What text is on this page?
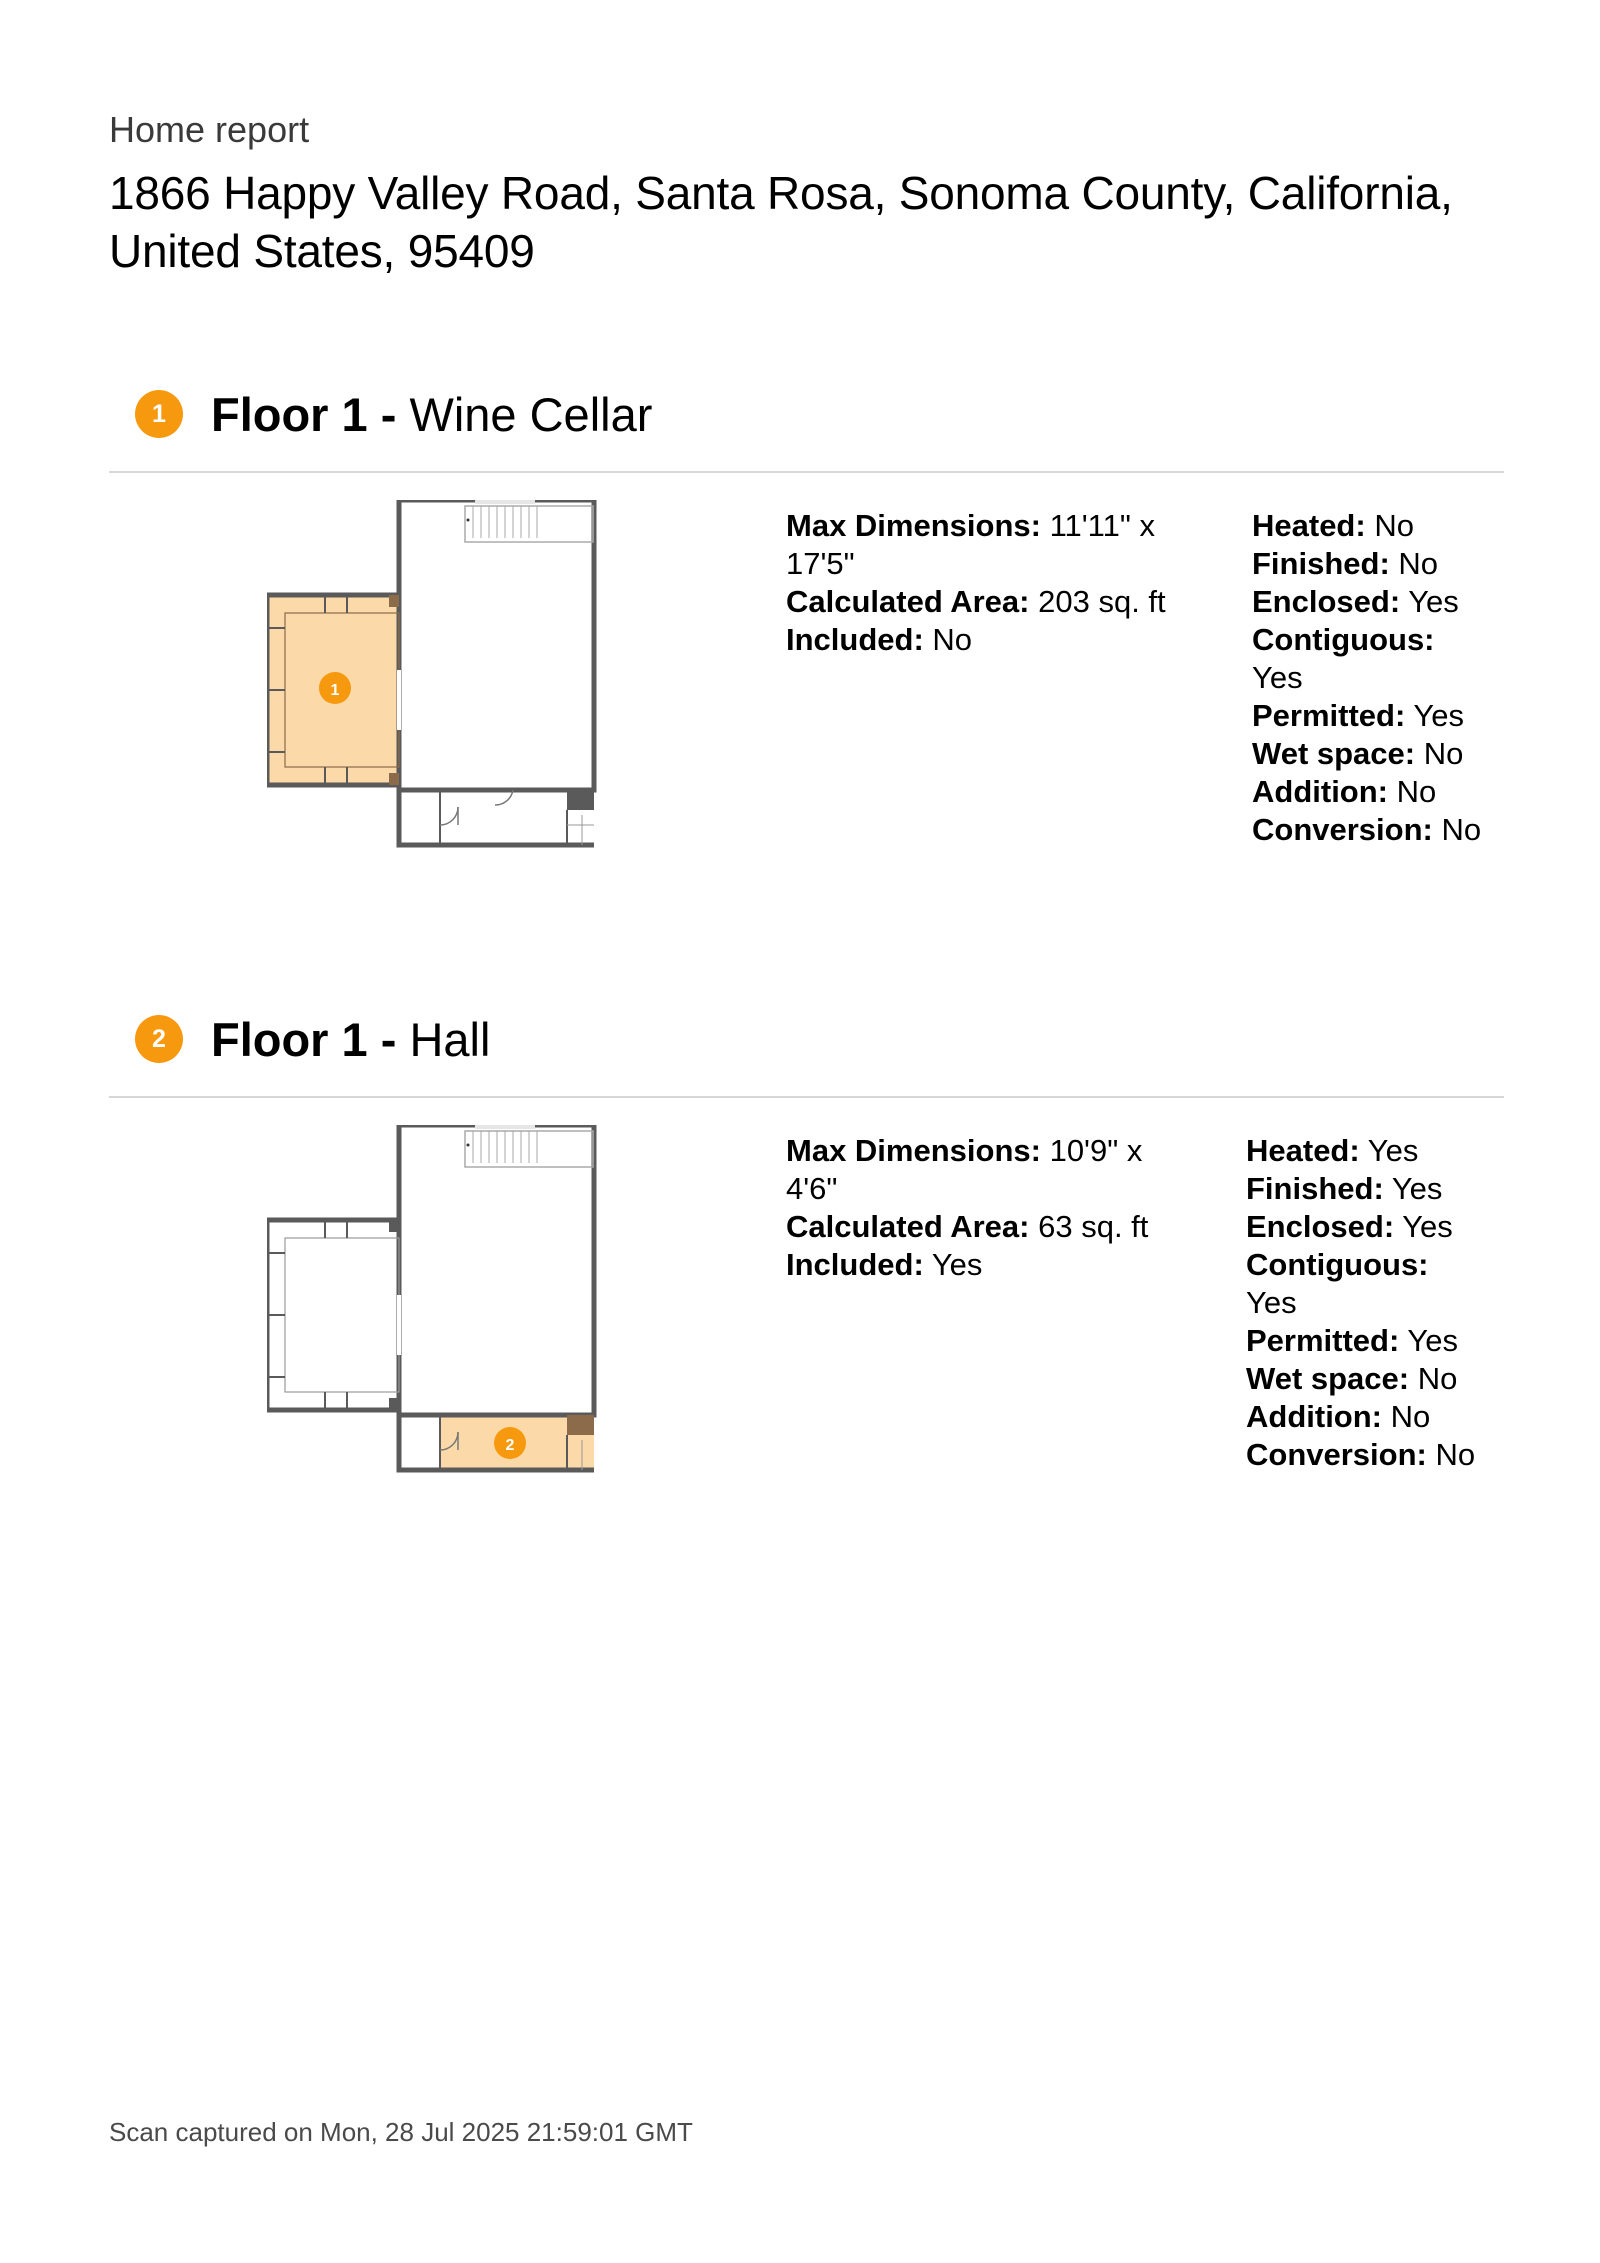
Home report
1866 Happy Valley Road, Santa Rosa, Sonoma County, California, United States, 95409
1 Floor 1 - Wine Cellar
1
Max Dimensions: 11'11" x 17'5"
Calculated Area: 203 sq. ft
Included: No
Heated: No
Finished: No
Enclosed: Yes
Contiguous: Yes
Permitted: Yes
Wet space: No
Addition: No
Conversion: No
2 Floor 1 - Hall
2
Max Dimensions: 10'9" x 4'6"
Calculated Area: 63 sq. ft
Included: Yes
Heated: Yes
Finished: Yes
Enclosed: Yes
Contiguous: Yes
Permitted: Yes
Wet space: No
Addition: No
Conversion: No
Scan captured on Mon, 28 Jul 2025 21:59:01 GMT
